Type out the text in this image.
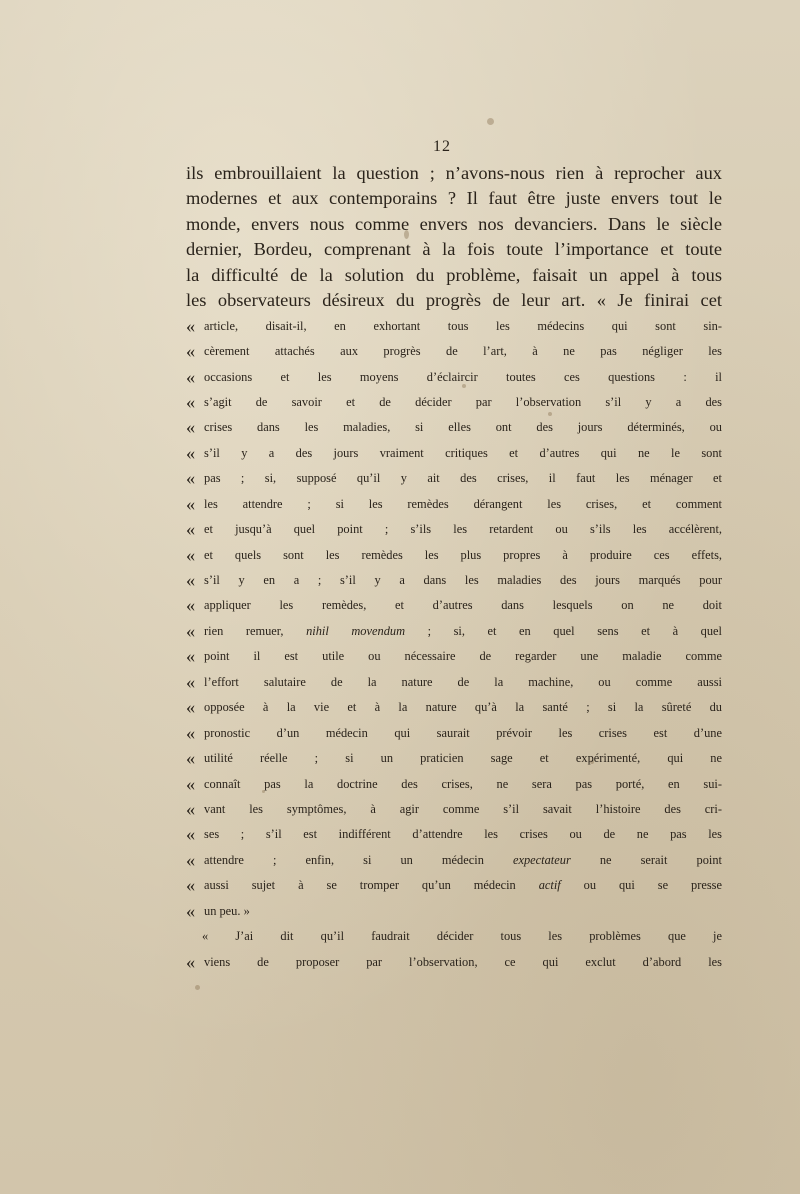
12
ils embrouillaient la question ; n’avons-nous rien à reprocher aux
modernes et aux contemporains ? Il faut être juste envers tout le
monde, envers nous comme envers nos devanciers. Dans le siècle
dernier, Bordeu, comprenant à la fois toute l’importance et toute
la difficulté de la solution du problème, faisait un appel à tous
les observateurs désireux du progrès de leur art. « Je finirai cet
« article, disait-il, en exhortant tous les médecins qui sont sin-
« cèrement attachés aux progrès de l’art, à ne pas négliger les
« occasions et les moyens d’éclaircir toutes ces questions : il
« s’agit de savoir et de décider par l’observation s’il y a des
« crises dans les maladies, si elles ont des jours déterminés, ou
« s’il y a des jours vraiment critiques et d’autres qui ne le sont
« pas ; si, supposé qu’il y ait des crises, il faut les ménager et
« les attendre ; si les remèdes dérangent les crises, et comment
« et jusqu’à quel point ; s’ils les retardent ou s’ils les accélèrent,
« et quels sont les remèdes les plus propres à produire ces effets,
« s’il y en a ; s’il y a dans les maladies des jours marqués pour
« appliquer les remèdes, et d’autres dans lesquels on ne doit
« rien remuer, nihil movendum ; si, et en quel sens et à quel
« point il est utile ou nécessaire de regarder une maladie comme
« l’effort salutaire de la nature de la machine, ou comme aussi
« opposée à la vie et à la nature qu’à la santé ; si la sûreté du
« pronostic d’un médecin qui saurait prévoir les crises est d’une
« utilité réelle ; si un praticien sage et expérimenté, qui ne
« connaît pas la doctrine des crises, ne sera pas porté, en sui-
« vant les symptômes, à agir comme s’il savait l’histoire des cri-
« ses ; s’il est indifférent d’attendre les crises ou de ne pas les
« attendre ; enfin, si un médecin expectateur ne serait point
« aussi sujet à se tromper qu’un médecin actif ou qui se presse
« un peu. »
« J’ai dit qu’il faudrait décider tous les problèmes que je
« viens de proposer par l’observation, ce qui exclut d’abord les
